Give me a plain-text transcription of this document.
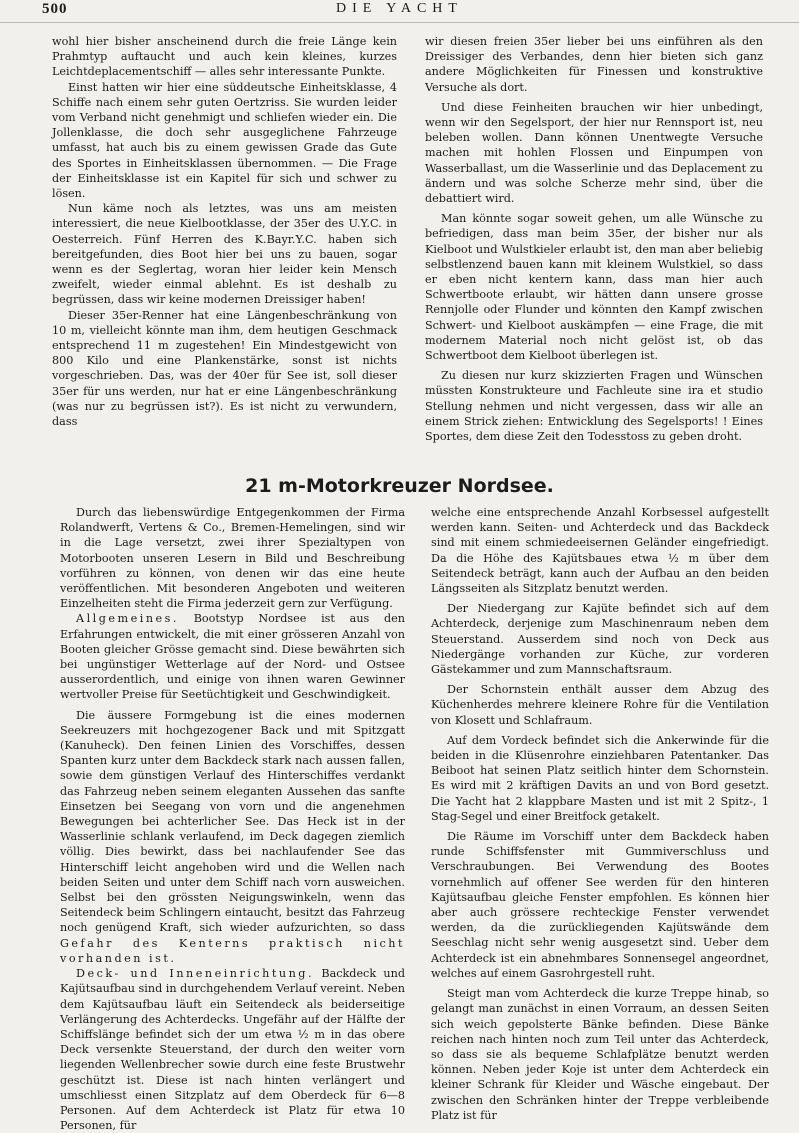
500	DIE YACHT

wohl hier bisher anscheinend durch die freie Länge kein Prahmtyp auftaucht und auch kein kleines, kurzes Leichtdeplacementschiff — alles sehr interessante Punkte.

Einst hatten wir hier eine süddeutsche Einheitsklasse, 4 Schiffe nach einem sehr guten Oertzriss. Sie wurden leider vom Verband nicht genehmigt und schliefen wieder ein. Die Jollenklasse, die doch sehr ausgeglichene Fahrzeuge umfasst, hat auch bis zu einem gewissen Grade das Gute des Sportes in Einheitsklassen übernommen. — Die Frage der Einheitsklasse ist ein Kapitel für sich und schwer zu lösen.

Nun käme noch als letztes, was uns am meisten interessiert, die neue Kielbootklasse, der 35er des U.Y.C. in Oesterreich. Fünf Herren des K.Bayr.Y.C. haben sich bereitgefunden, dies Boot hier bei uns zu bauen, sogar wenn es der Seglertag, woran hier leider kein Mensch zweifelt, wieder einmal ablehnt. Es ist deshalb zu begrüssen, dass wir keine modernen Dreissiger haben!

Dieser 35er-Renner hat eine Längenbeschränkung von 10 m, vielleicht könnte man ihm, dem heutigen Geschmack entsprechend 11 m zugestehen! Ein Mindestgewicht von 800 Kilo und eine Plankenstärke, sonst ist nichts vorgeschrieben. Das, was der 40er für See ist, soll dieser 35er für uns werden, nur hat er eine Längenbeschränkung (was nur zu begrüssen ist?). Es ist nicht zu verwundern, dass

wir diesen freien 35er lieber bei uns einführen als den Dreissiger des Verbandes, denn hier bieten sich ganz andere Möglichkeiten für Finessen und konstruktive Versuche als dort.

Und diese Feinheiten brauchen wir hier unbedingt, wenn wir den Segelsport, der hier nur Rennsport ist, neu beleben wollen. Dann können Unentwegte Versuche machen mit hohlen Flossen und Einpumpen von Wasserballast, um die Wasserlinie und das Deplacement zu ändern und was solche Scherze mehr sind, über die debattiert wird.

Man könnte sogar soweit gehen, um alle Wünsche zu befriedigen, dass man beim 35er, der bisher nur als Kielboot und Wulstkieler erlaubt ist, den man aber beliebig selbstlenzend bauen kann mit kleinem Wulstkiel, so dass er eben nicht kentern kann, dass man hier auch Schwertboote erlaubt, wir hätten dann unsere grosse Rennjolle oder Flunder und könnten den Kampf zwischen Schwert- und Kielboot auskämpfen — eine Frage, die mit modernem Material noch nicht gelöst ist, ob das Schwertboot dem Kielboot überlegen ist.

Zu diesen nur kurz skizzierten Fragen und Wünschen müssten Konstrukteure und Fachleute sine ira et studio Stellung nehmen und nicht vergessen, dass wir alle an einem Strick ziehen: Entwicklung des Segelsports! ! Eines Sportes, dem diese Zeit den Todesstoss zu geben droht.

21 m-Motorkreuzer Nordsee.

Durch das liebenswürdige Entgegenkommen der Firma Rolandwerft, Vertens & Co., Bremen-Hemelingen, sind wir in die Lage versetzt, zwei ihrer Spezialtypen von Motorbooten unseren Lesern in Bild und Beschreibung vorführen zu können, von denen wir das eine heute veröffentlichen. Mit besonderen Angeboten und weiteren Einzelheiten steht die Firma jederzeit gern zur Verfügung.

Allgemeines. Bootstyp Nordsee ist aus den Erfahrungen entwickelt, die mit einer grösseren Anzahl von Booten gleicher Grösse gemacht sind. Diese bewährten sich bei ungünstiger Wetterlage auf der Nord- und Ostsee ausserordentlich, und einige von ihnen waren Gewinner wertvoller Preise für Seetüchtigkeit und Geschwindigkeit.

Die äussere Formgebung ist die eines modernen Seekreuzers mit hochgezogener Back und mit Spitzgatt (Kanuheck). Den feinen Linien des Vorschiffes, dessen Spanten kurz unter dem Backdeck stark nach aussen fallen, sowie dem günstigen Verlauf des Hinterschiffes verdankt das Fahrzeug neben seinem eleganten Aussehen das sanfte Einsetzen bei Seegang von vorn und die angenehmen Bewegungen bei achterlicher See. Das Heck ist in der Wasserlinie schlank verlaufend, im Deck dagegen ziemlich völlig. Dies bewirkt, dass bei nachlaufender See das Hinterschiff leicht angehoben wird und die Wellen nach beiden Seiten und unter dem Schiff nach vorn ausweichen. Selbst bei den grössten Neigungswinkeln, wenn das Seitendeck beim Schlingern eintaucht, besitzt das Fahrzeug noch genügend Kraft, sich wieder aufzurichten, so dass Gefahr des Kenterns praktisch nicht vorhanden ist.

Deck- und Inneneinrichtung. Backdeck und Kajütsaufbau sind in durchgehendem Verlauf vereint. Neben dem Kajütsaufbau läuft ein Seitendeck als beiderseitige Verlängerung des Achterdecks. Ungefähr auf der Hälfte der Schiffslänge befindet sich der um etwa ½ m in das obere Deck versenkte Steuerstand, der durch den weiter vorn liegenden Wellenbrecher sowie durch eine feste Brustwehr geschützt ist. Diese ist nach hinten verlängert und umschliesst einen Sitzplatz auf dem Oberdeck für 6—8 Personen. Auf dem Achterdeck ist Platz für etwa 10 Personen, für

welche eine entsprechende Anzahl Korbsessel aufgestellt werden kann. Seiten- und Achterdeck und das Backdeck sind mit einem schmiedeeisernen Geländer eingefriedigt. Da die Höhe des Kajütsbaues etwa ½ m über dem Seitendeck beträgt, kann auch der Aufbau an den beiden Längsseiten als Sitzplatz benutzt werden.

Der Niedergang zur Kajüte befindet sich auf dem Achterdeck, derjenige zum Maschinenraum neben dem Steuerstand. Ausserdem sind noch von Deck aus Niedergänge vorhanden zur Küche, zur vorderen Gästekammer und zum Mannschaftsraum.

Der Schornstein enthält ausser dem Abzug des Küchenherdes mehrere kleinere Rohre für die Ventilation von Klosett und Schlafraum.

Auf dem Vordeck befindet sich die Ankerwinde für die beiden in die Klüsenrohre einziehbaren Patentanker. Das Beiboot hat seinen Platz seitlich hinter dem Schornstein. Es wird mit 2 kräftigen Davits an und von Bord gesetzt. Die Yacht hat 2 klappbare Masten und ist mit 2 Spitz-, 1 Stag-Segel und einer Breitfock getakelt.

Die Räume im Vorschiff unter dem Backdeck haben runde Schiffsfenster mit Gummiverschluss und Verschraubungen. Bei Verwendung des Bootes vornehmlich auf offener See werden für den hinteren Kajütsaufbau gleiche Fenster empfohlen. Es können hier aber auch grössere rechteckige Fenster verwendet werden, da die zurückliegenden Kajütswände dem Seeschlag nicht sehr wenig ausgesetzt sind. Ueber dem Achterdeck ist ein abnehmbares Sonnensegel angeordnet, welches auf einem Gasrohrgestell ruht.

Steigt man vom Achterdeck die kurze Treppe hinab, so gelangt man zunächst in einen Vorraum, an dessen Seiten sich weich gepolsterte Bänke befinden. Diese Bänke reichen nach hinten noch zum Teil unter das Achterdeck, so dass sie als bequeme Schlafplätze benutzt werden können. Neben jeder Koje ist unter dem Achterdeck ein kleiner Schrank für Kleider und Wäsche eingebaut. Der zwischen den Schränken hinter der Treppe verbleibende Platz ist für
